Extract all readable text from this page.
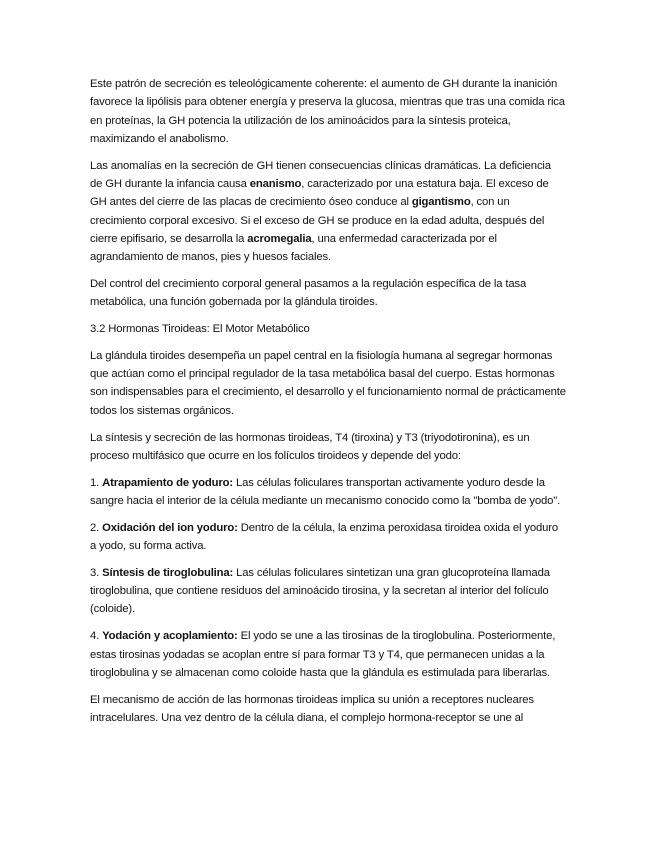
Este patrón de secreción es teleológicamente coherente: el aumento de GH durante la inanición favorece la lipólisis para obtener energía y preserva la glucosa, mientras que tras una comida rica en proteínas, la GH potencia la utilización de los aminoácidos para la síntesis proteica, maximizando el anabolismo.

Las anomalías en la secreción de GH tienen consecuencias clínicas dramáticas. La deficiencia de GH durante la infancia causa enanismo, caracterizado por una estatura baja. El exceso de GH antes del cierre de las placas de crecimiento óseo conduce al gigantismo, con un crecimiento corporal excesivo. Si el exceso de GH se produce en la edad adulta, después del cierre epifisario, se desarrolla la acromegalia, una enfermedad caracterizada por el agrandamiento de manos, pies y huesos faciales.

Del control del crecimiento corporal general pasamos a la regulación específica de la tasa metabólica, una función gobernada por la glándula tiroides.

3.2 Hormonas Tiroideas: El Motor Metabólico

La glándula tiroides desempeña un papel central en la fisiología humana al segregar hormonas que actúan como el principal regulador de la tasa metabólica basal del cuerpo. Estas hormonas son indispensables para el crecimiento, el desarrollo y el funcionamiento normal de prácticamente todos los sistemas orgánicos.

La síntesis y secreción de las hormonas tiroideas, T4 (tiroxina) y T3 (triyodotironina), es un proceso multifásico que ocurre en los folículos tiroideos y depende del yodo:

1. Atrapamiento de yoduro: Las células foliculares transportan activamente yoduro desde la sangre hacia el interior de la célula mediante un mecanismo conocido como la "bomba de yodo".
2. Oxidación del ion yoduro: Dentro de la célula, la enzima peroxidasa tiroidea oxida el yoduro a yodo, su forma activa.
3. Síntesis de tiroglobulina: Las células foliculares sintetizan una gran glucoproteína llamada tiroglobulina, que contiene residuos del aminoácido tirosina, y la secretan al interior del folículo (coloide).
4. Yodación y acoplamiento: El yodo se une a las tirosinas de la tiroglobulina. Posteriormente, estas tirosinas yodadas se acoplan entre sí para formar T3 y T4, que permanecen unidas a la tiroglobulina y se almacenan como coloide hasta que la glándula es estimulada para liberarlas.

El mecanismo de acción de las hormonas tiroideas implica su unión a receptores nucleares intracelulares. Una vez dentro de la célula diana, el complejo hormona-receptor se une al
